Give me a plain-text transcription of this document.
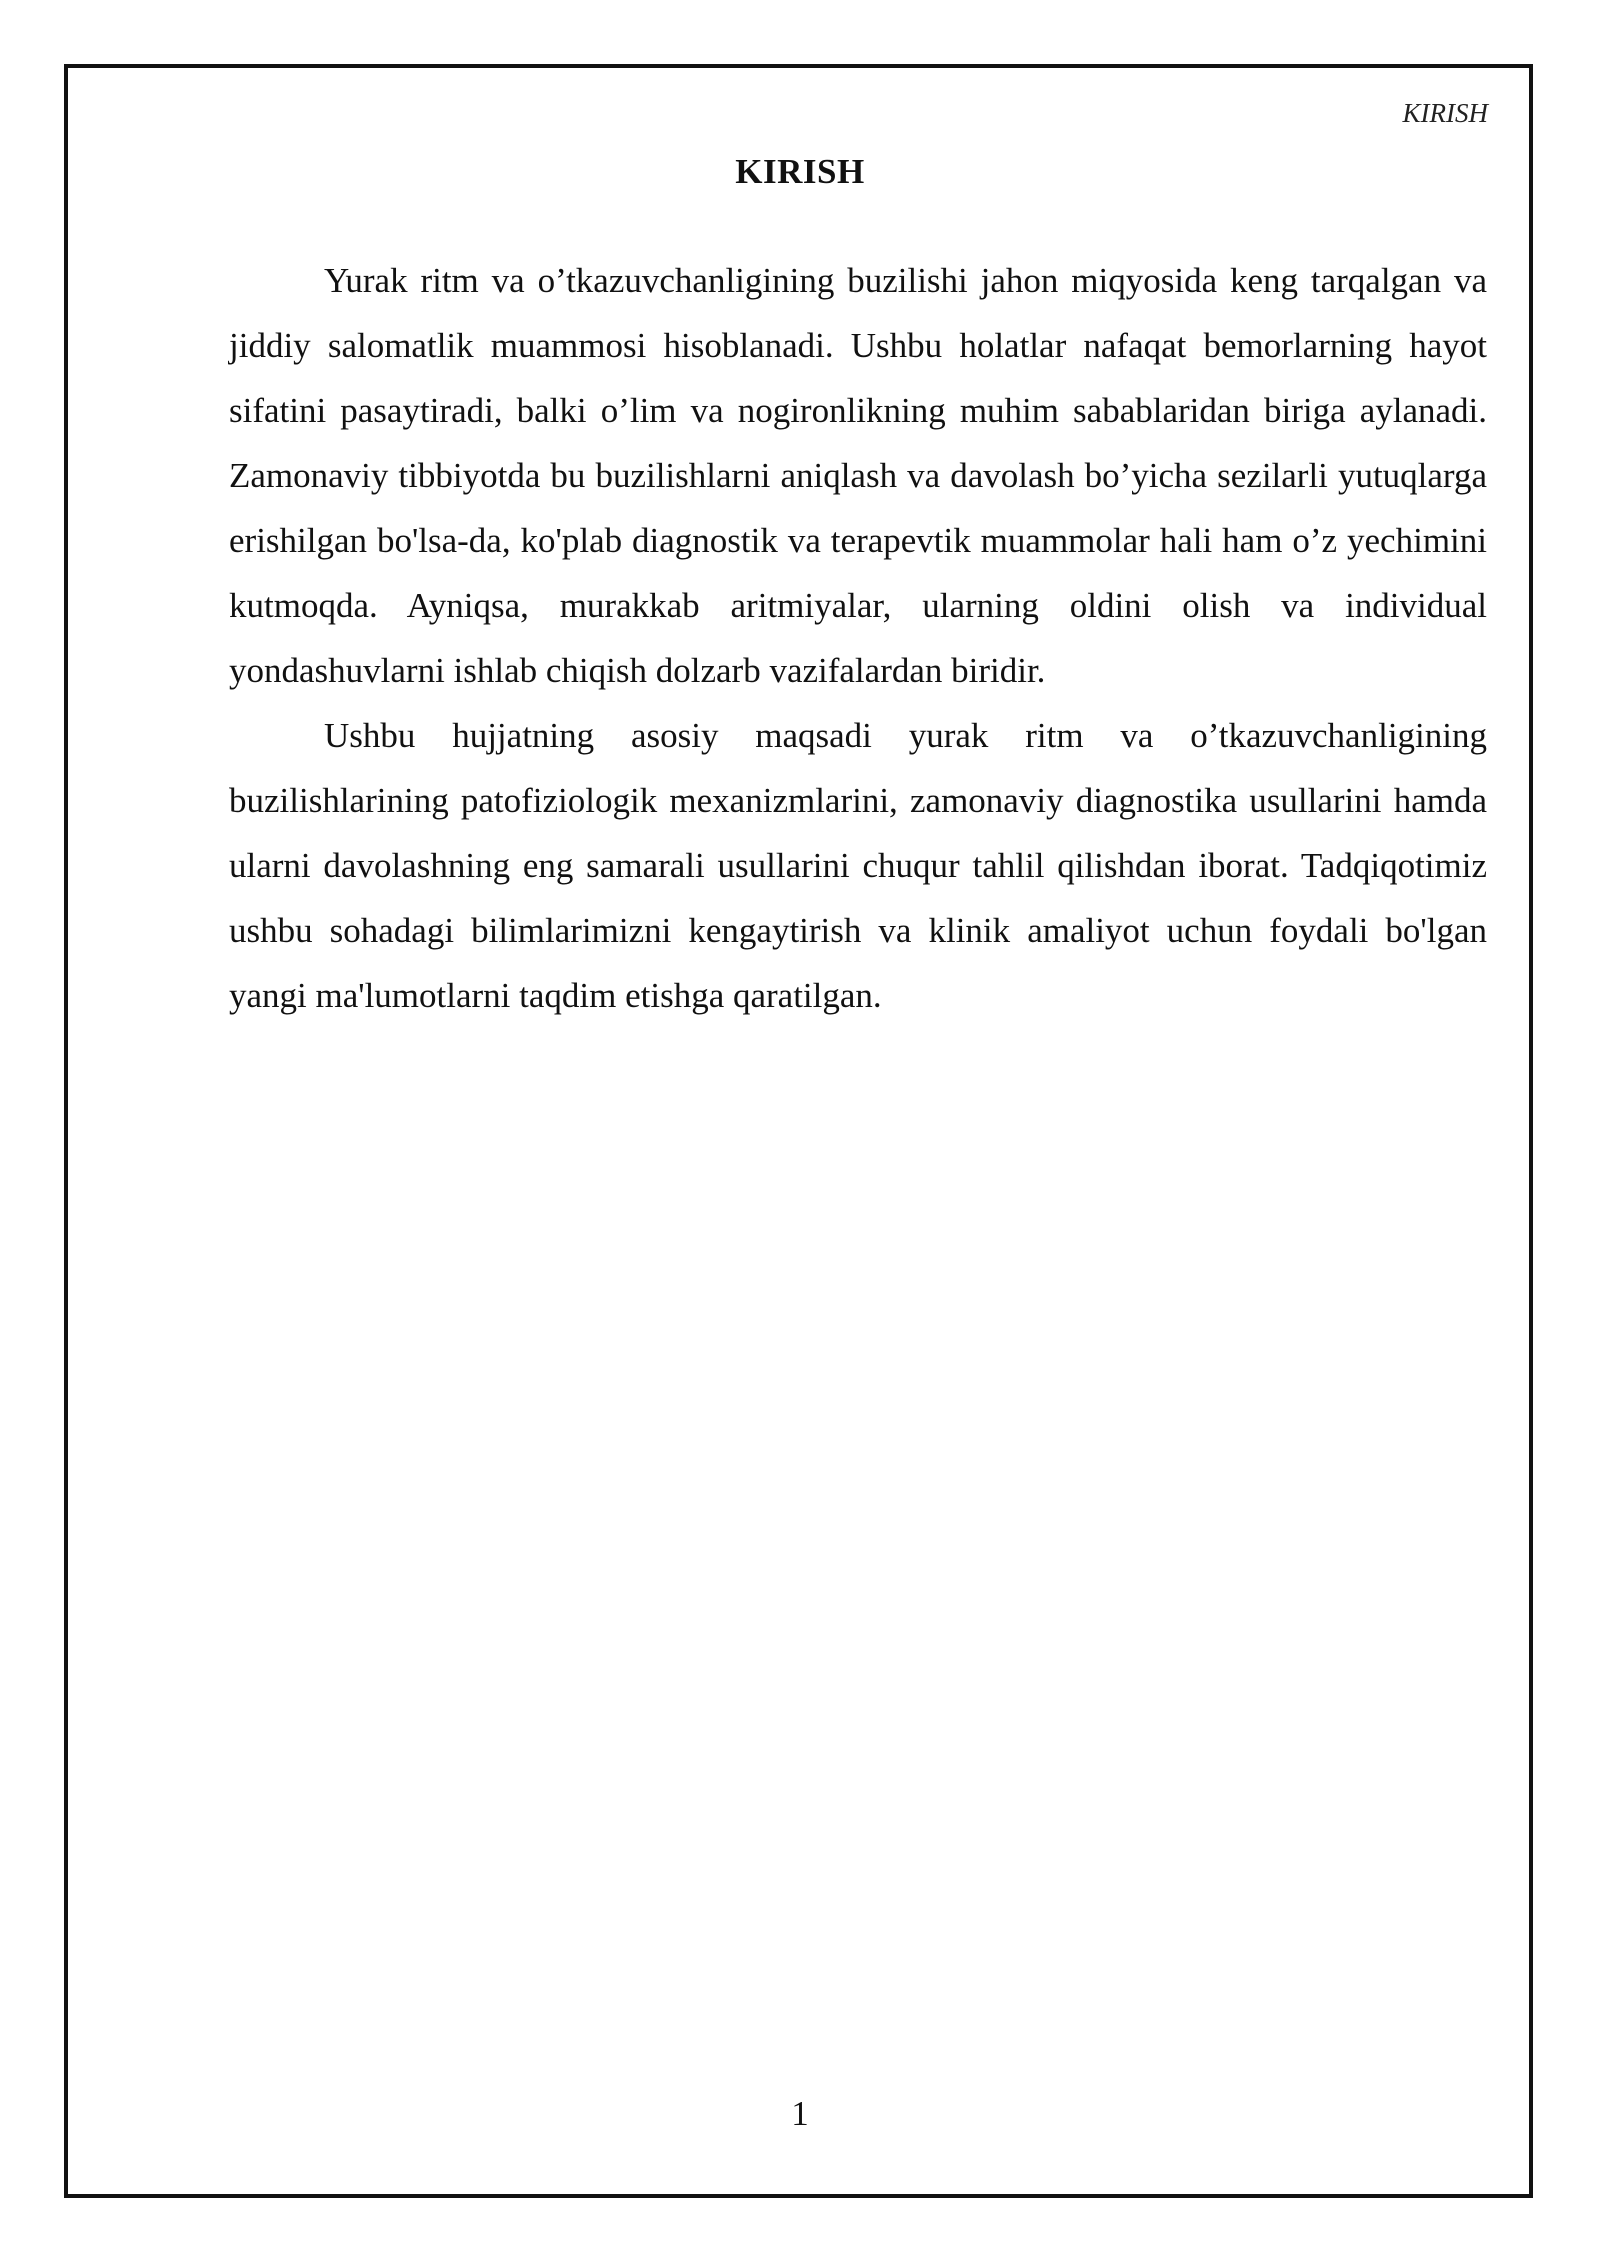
KIRISH
KIRISH

Yurak ritm va o’tkazuvchanligining buzilishi jahon miqyosida keng tarqalgan va jiddiy salomatlik muammosi hisoblanadi. Ushbu holatlar nafaqat bemorlarning hayot sifatini pasaytiradi, balki o’lim va nogironlikning muhim sabablaridan biriga aylanadi. Zamonaviy tibbiyotda bu buzilishlarni aniqlash va davolash bo’yicha sezilarli yutuqlarga erishilgan bo'lsa-da, ko'plab diagnostik va terapevtik muammolar hali ham o’z yechimini kutmoqda. Ayniqsa, murakkab aritmiyalar, ularning oldini olish va individual yondashuvlarni ishlab chiqish dolzarb vazifalardan biridir.

Ushbu hujjatning asosiy maqsadi yurak ritm va o’tkazuvchanligining buzilishlarining patofiziologik mexanizmlarini, zamonaviy diagnostika usullarini hamda ularni davolashning eng samarali usullarini chuqur tahlil qilishdan iborat. Tadqiqotimiz ushbu sohadagi bilimlarimizni kengaytirish va klinik amaliyot uchun foydali bo'lgan yangi ma'lumotlarni taqdim etishga qaratilgan.

1
